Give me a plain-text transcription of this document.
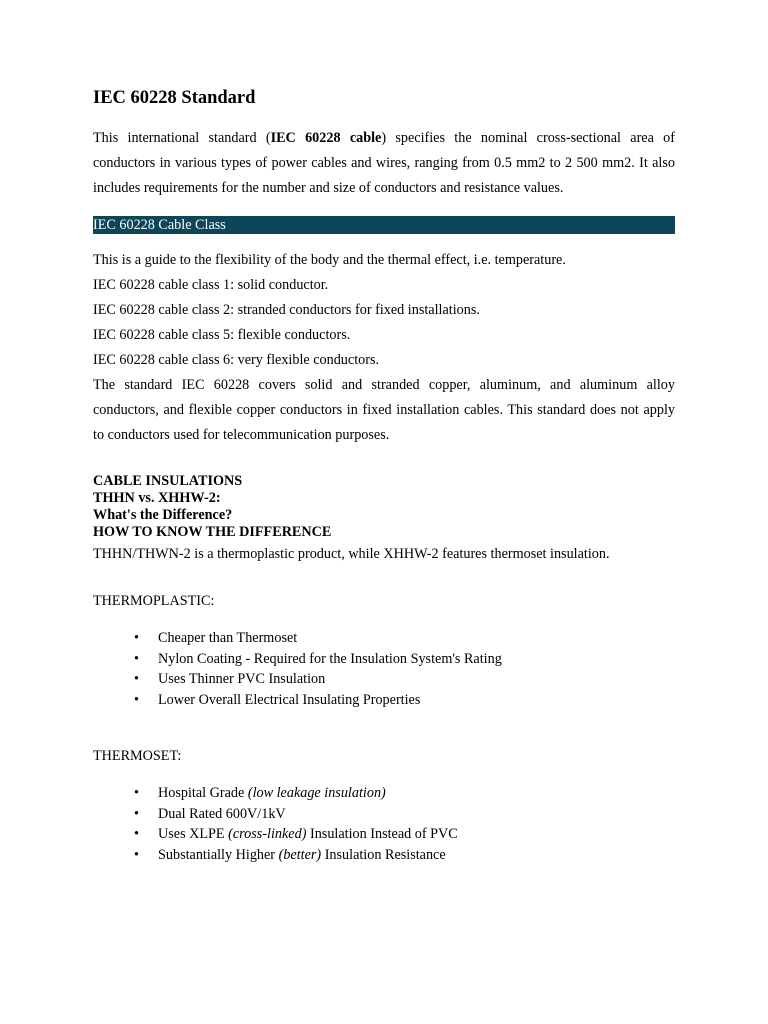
IEC 60228 Standard

This international standard (IEC 60228 cable) specifies the nominal cross-sectional area of conductors in various types of power cables and wires, ranging from 0.5 mm2 to 2 500 mm2. It also includes requirements for the number and size of conductors and resistance values.

IEC 60228 Cable Class
This is a guide to the flexibility of the body and the thermal effect, i.e. temperature.
IEC 60228 cable class 1: solid conductor.
IEC 60228 cable class 2: stranded conductors for fixed installations.
IEC 60228 cable class 5: flexible conductors.
IEC 60228 cable class 6: very flexible conductors.

The standard IEC 60228 covers solid and stranded copper, aluminum, and aluminum alloy conductors, and flexible copper conductors in fixed installation cables. This standard does not apply to conductors used for telecommunication purposes.

CABLE INSULATIONS
THHN vs. XHHW-2:
What's the Difference?
HOW TO KNOW THE DIFFERENCE
THHN/THWN-2 is a thermoplastic product, while XHHW-2 features thermoset insulation.
THERMOPLASTIC:
• Cheaper than Thermoset
• Nylon Coating - Required for the Insulation System's Rating
• Uses Thinner PVC Insulation
• Lower Overall Electrical Insulating Properties
THERMOSET:
• Hospital Grade (low leakage insulation)
• Dual Rated 600V/1kV
• Uses XLPE (cross-linked) Insulation Instead of PVC
• Substantially Higher (better) Insulation Resistance
